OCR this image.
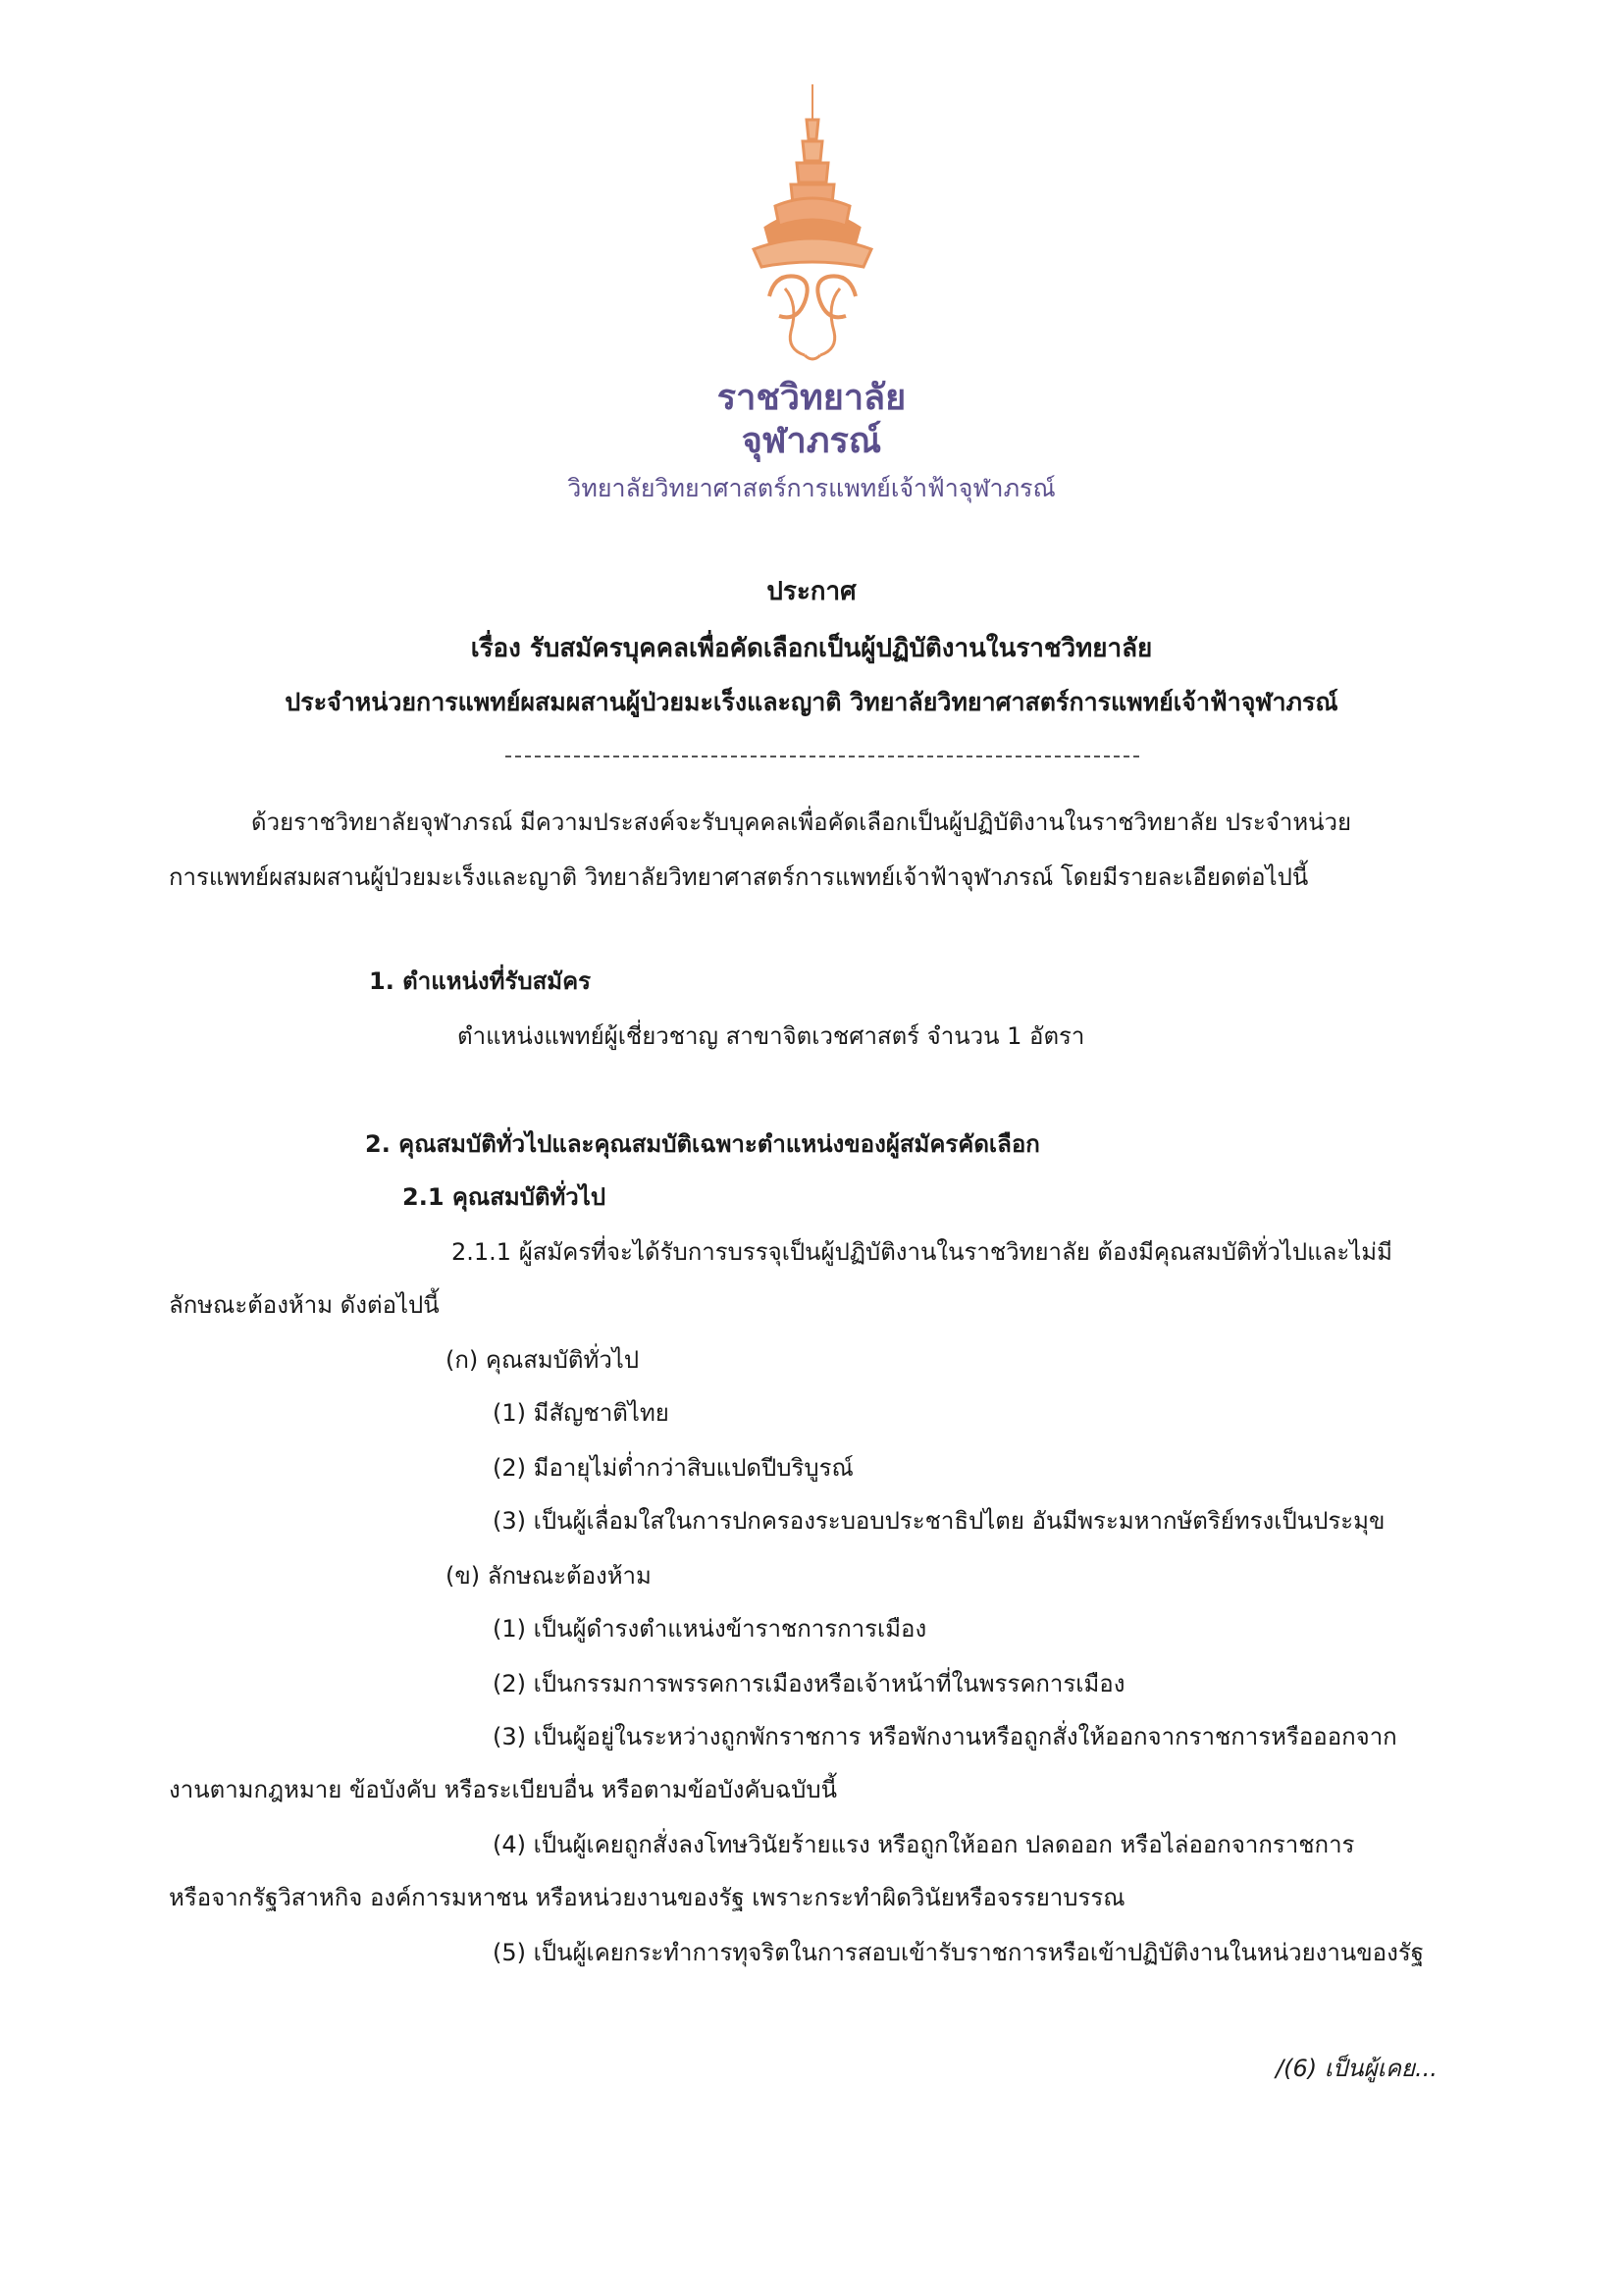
ราชวิทยาลัย
จุฬาภรณ์
วิทยาลัยวิทยาศาสตร์การแพทย์เจ้าฟ้าจุฬาภรณ์
ประกาศ
เรื่อง รับสมัครบุคคลเพื่อคัดเลือกเป็นผู้ปฏิบัติงานในราชวิทยาลัย
ประจำหน่วยการแพทย์ผสมผสานผู้ป่วยมะเร็งและญาติ วิทยาลัยวิทยาศาสตร์การแพทย์เจ้าฟ้าจุฬาภรณ์
ด้วยราชวิทยาลัยจุฬาภรณ์ มีความประสงค์จะรับบุคคลเพื่อคัดเลือกเป็นผู้ปฏิบัติงานในราชวิทยาลัย ประจำหน่วย
การแพทย์ผสมผสานผู้ป่วยมะเร็งและญาติ วิทยาลัยวิทยาศาสตร์การแพทย์เจ้าฟ้าจุฬาภรณ์ โดยมีรายละเอียดต่อไปนี้
1. ตำแหน่งที่รับสมัคร
ตำแหน่งแพทย์ผู้เชี่ยวชาญ สาขาจิตเวชศาสตร์ จำนวน 1 อัตรา
2. คุณสมบัติทั่วไปและคุณสมบัติเฉพาะตำแหน่งของผู้สมัครคัดเลือก
2.1 คุณสมบัติทั่วไป
2.1.1 ผู้สมัครที่จะได้รับการบรรจุเป็นผู้ปฏิบัติงานในราชวิทยาลัย ต้องมีคุณสมบัติทั่วไปและไม่มี
ลักษณะต้องห้าม ดังต่อไปนี้
(ก) คุณสมบัติทั่วไป
(1) มีสัญชาติไทย
(2) มีอายุไม่ต่ำกว่าสิบแปดปีบริบูรณ์
(3) เป็นผู้เลื่อมใสในการปกครองระบอบประชาธิปไตย อันมีพระมหากษัตริย์ทรงเป็นประมุข
(ข) ลักษณะต้องห้าม
(1) เป็นผู้ดำรงตำแหน่งข้าราชการการเมือง
(2) เป็นกรรมการพรรคการเมืองหรือเจ้าหน้าที่ในพรรคการเมือง
(3) เป็นผู้อยู่ในระหว่างถูกพักราชการ หรือพักงานหรือถูกสั่งให้ออกจากราชการหรือออกจาก
งานตามกฎหมาย ข้อบังคับ หรือระเบียบอื่น หรือตามข้อบังคับฉบับนี้
(4) เป็นผู้เคยถูกสั่งลงโทษวินัยร้ายแรง หรือถูกให้ออก ปลดออก หรือไล่ออกจากราชการ
หรือจากรัฐวิสาหกิจ องค์การมหาชน หรือหน่วยงานของรัฐ เพราะกระทำผิดวินัยหรือจรรยาบรรณ
(5) เป็นผู้เคยกระทำการทุจริตในการสอบเข้ารับราชการหรือเข้าปฏิบัติงานในหน่วยงานของรัฐ
/(6) เป็นผู้เคย...
